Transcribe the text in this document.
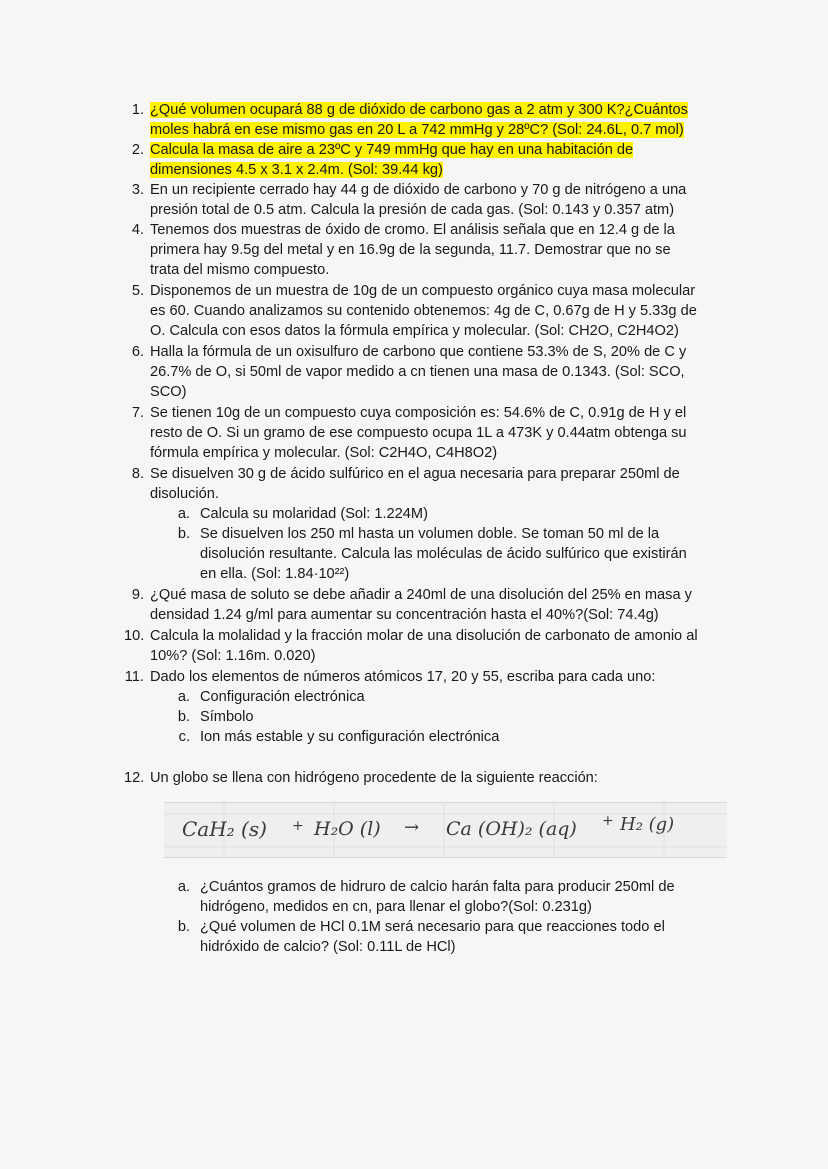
1. ¿Qué volumen ocupará 88 g de dióxido de carbono gas a 2 atm y 300 K?¿Cuántos
moles habrá en ese mismo gas en 20 L a 742 mmHg y 28ºC? (Sol: 24.6L, 0.7 mol)
2. Calcula la masa de aire a 23ºC y 749 mmHg que hay en una habitación de
dimensiones 4.5 x 3.1 x 2.4m. (Sol: 39.44 kg)
3. En un recipiente cerrado hay 44 g de dióxido de carbono y 70 g de nitrógeno a una
presión total de 0.5 atm. Calcula la presión de cada gas. (Sol: 0.143 y 0.357 atm)
4. Tenemos dos muestras de óxido de cromo. El análisis señala que en 12.4 g de la
primera hay 9.5g del metal y en 16.9g de la segunda, 11.7. Demostrar que no se
trata del mismo compuesto.
5. Disponemos de un muestra de 10g de un compuesto orgánico cuya masa molecular
es 60. Cuando analizamos su contenido obtenemos: 4g de C, 0.67g de H y 5.33g de
O. Calcula con esos datos la fórmula empírica y molecular. (Sol: CH2O, C2H4O2)
6. Halla la fórmula de un oxisulfuro de carbono que contiene 53.3% de S, 20% de C y
26.7% de O, si 50ml de vapor medido a cn tienen una masa de 0.1343. (Sol: SCO,
SCO)
7. Se tienen 10g de un compuesto cuya composición es: 54.6% de C, 0.91g de H y el
resto de O. Si un gramo de ese compuesto ocupa 1L a 473K y 0.44atm obtenga su
fórmula empírica y molecular. (Sol: C2H4O, C4H8O2)
8. Se disuelven 30 g de ácido sulfúrico en el agua necesaria para preparar 250ml de
disolución.
a. Calcula su molaridad (Sol: 1.224M)
b. Se disuelven los 250 ml hasta un volumen doble. Se toman 50 ml de la
disolución resultante. Calcula las moléculas de ácido sulfúrico que existirán
en ella. (Sol: 1.84·10²²)
9. ¿Qué masa de soluto se debe añadir a 240ml de una disolución del 25% en masa y
densidad 1.24 g/ml para aumentar su concentración hasta el 40%?(Sol: 74.4g)
10. Calcula la molalidad y la fracción molar de una disolución de carbonato de amonio al
10%? (Sol: 1.16m. 0.020)
11. Dado los elementos de números atómicos 17, 20 y 55, escriba para cada uno:
a. Configuración electrónica
b. Símbolo
c. Ion más estable y su configuración electrónica
12. Un globo se llena con hidrógeno procedente de la siguiente reacción:
a. ¿Cuántos gramos de hidruro de calcio harán falta para producir 250ml de
hidrógeno, medidos en cn, para llenar el globo?(Sol: 0.231g)
b. ¿Qué volumen de HCl 0.1M será necesario para que reacciones todo el
hidróxido de calcio? (Sol: 0.11L de HCl)
CaH₂ (s) + H₂O (l) → Ca (OH)₂ (aq) + H₂ (g)
